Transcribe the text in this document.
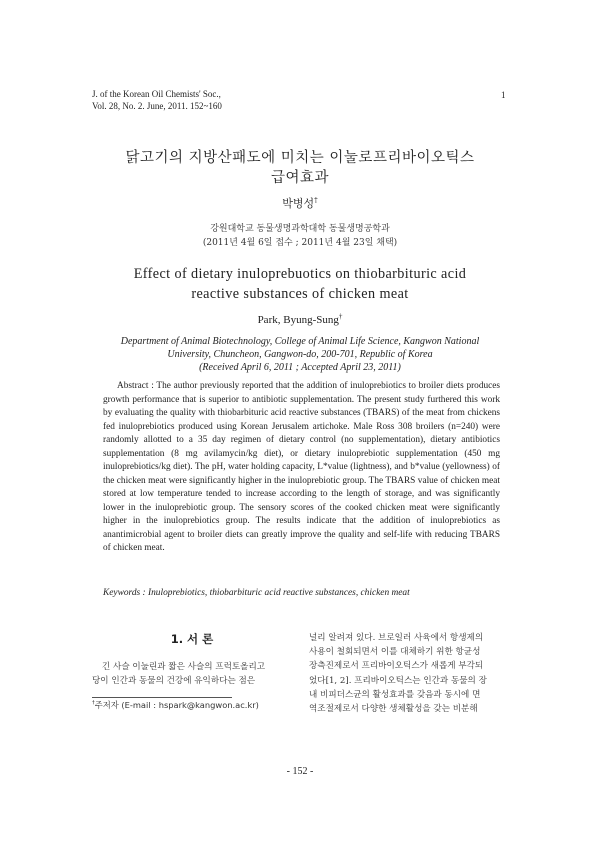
J. of the Korean Oil Chemists' Soc.,
Vol. 28, No. 2. June, 2011. 152~160
1
닭고기의 지방산패도에 미치는 이눌로프리바이오틱스
급여효과
박병성†
강원대학교 동물생명과학대학 동물생명공학과
(2011년 4월 6일 접수 ; 2011년 4월 23일 채택)
Effect of dietary inuloprebuotics on thiobarbituric acid
reactive substances of chicken meat
Park, Byung-Sung†
Department of Animal Biotechnology, College of Animal Life Science, Kangwon National
University, Chuncheon, Gangwon-do, 200-701, Republic of Korea
(Received April 6, 2011 ; Accepted April 23, 2011)
Abstract : The author previously reported that the addition of inuloprebiotics to broiler diets produces growth performance that is superior to antibiotic supplementation. The present study furthered this work by evaluating the quality with thiobarbituric acid reactive substances (TBARS) of the meat from chickens fed inuloprebiotics produced using Korean Jerusalem artichoke. Male Ross 308 broilers (n=240) were randomly allotted to a 35 day regimen of dietary control (no supplementation), dietary antibiotics supplementation (8 mg avilamycin/kg diet), or dietary inuloprebiotic supplementation (450 mg inuloprebiotics/kg diet). The pH, water holding capacity, L*value (lightness), and b*value (yellowness) of the chicken meat were significantly higher in the inuloprebiotic group. The TBARS value of chicken meat stored at low temperature tended to increase according to the length of storage, and was significantly lower in the inuloprebiotic group. The sensory scores of the cooked chicken meat were significantly higher in the inuloprebiotics group. The results indicate that the addition of inuloprebiotics as anantimicrobial agent to broiler diets can greatly improve the quality and self-life with reducing TBARS of chicken meat.
Keywords : Inuloprebiotics, thiobarbituric acid reactive substances, chicken meat
1. 서 론
긴 사슬 이눌린과 짧은 사슬의 프럭토올리고
당이 인간과 동물의 건강에 유익하다는 점은
†주저자 (E-mail : hspark@kangwon.ac.kr)
널리 알려져 있다. 브로일러 사육에서 항생제의
사용이 철회되면서 이를 대체하기 위한 항균성
장측진제로서 프리바이오틱스가 새롭게 부각되
었다[1, 2]. 프리바이오틱스는 인간과 동물의 장
내 비피더스균의 활성효과를 갖음과 동시에 면
역조절제로서 다양한 생체활성을 갖는 비분해
- 152 -
